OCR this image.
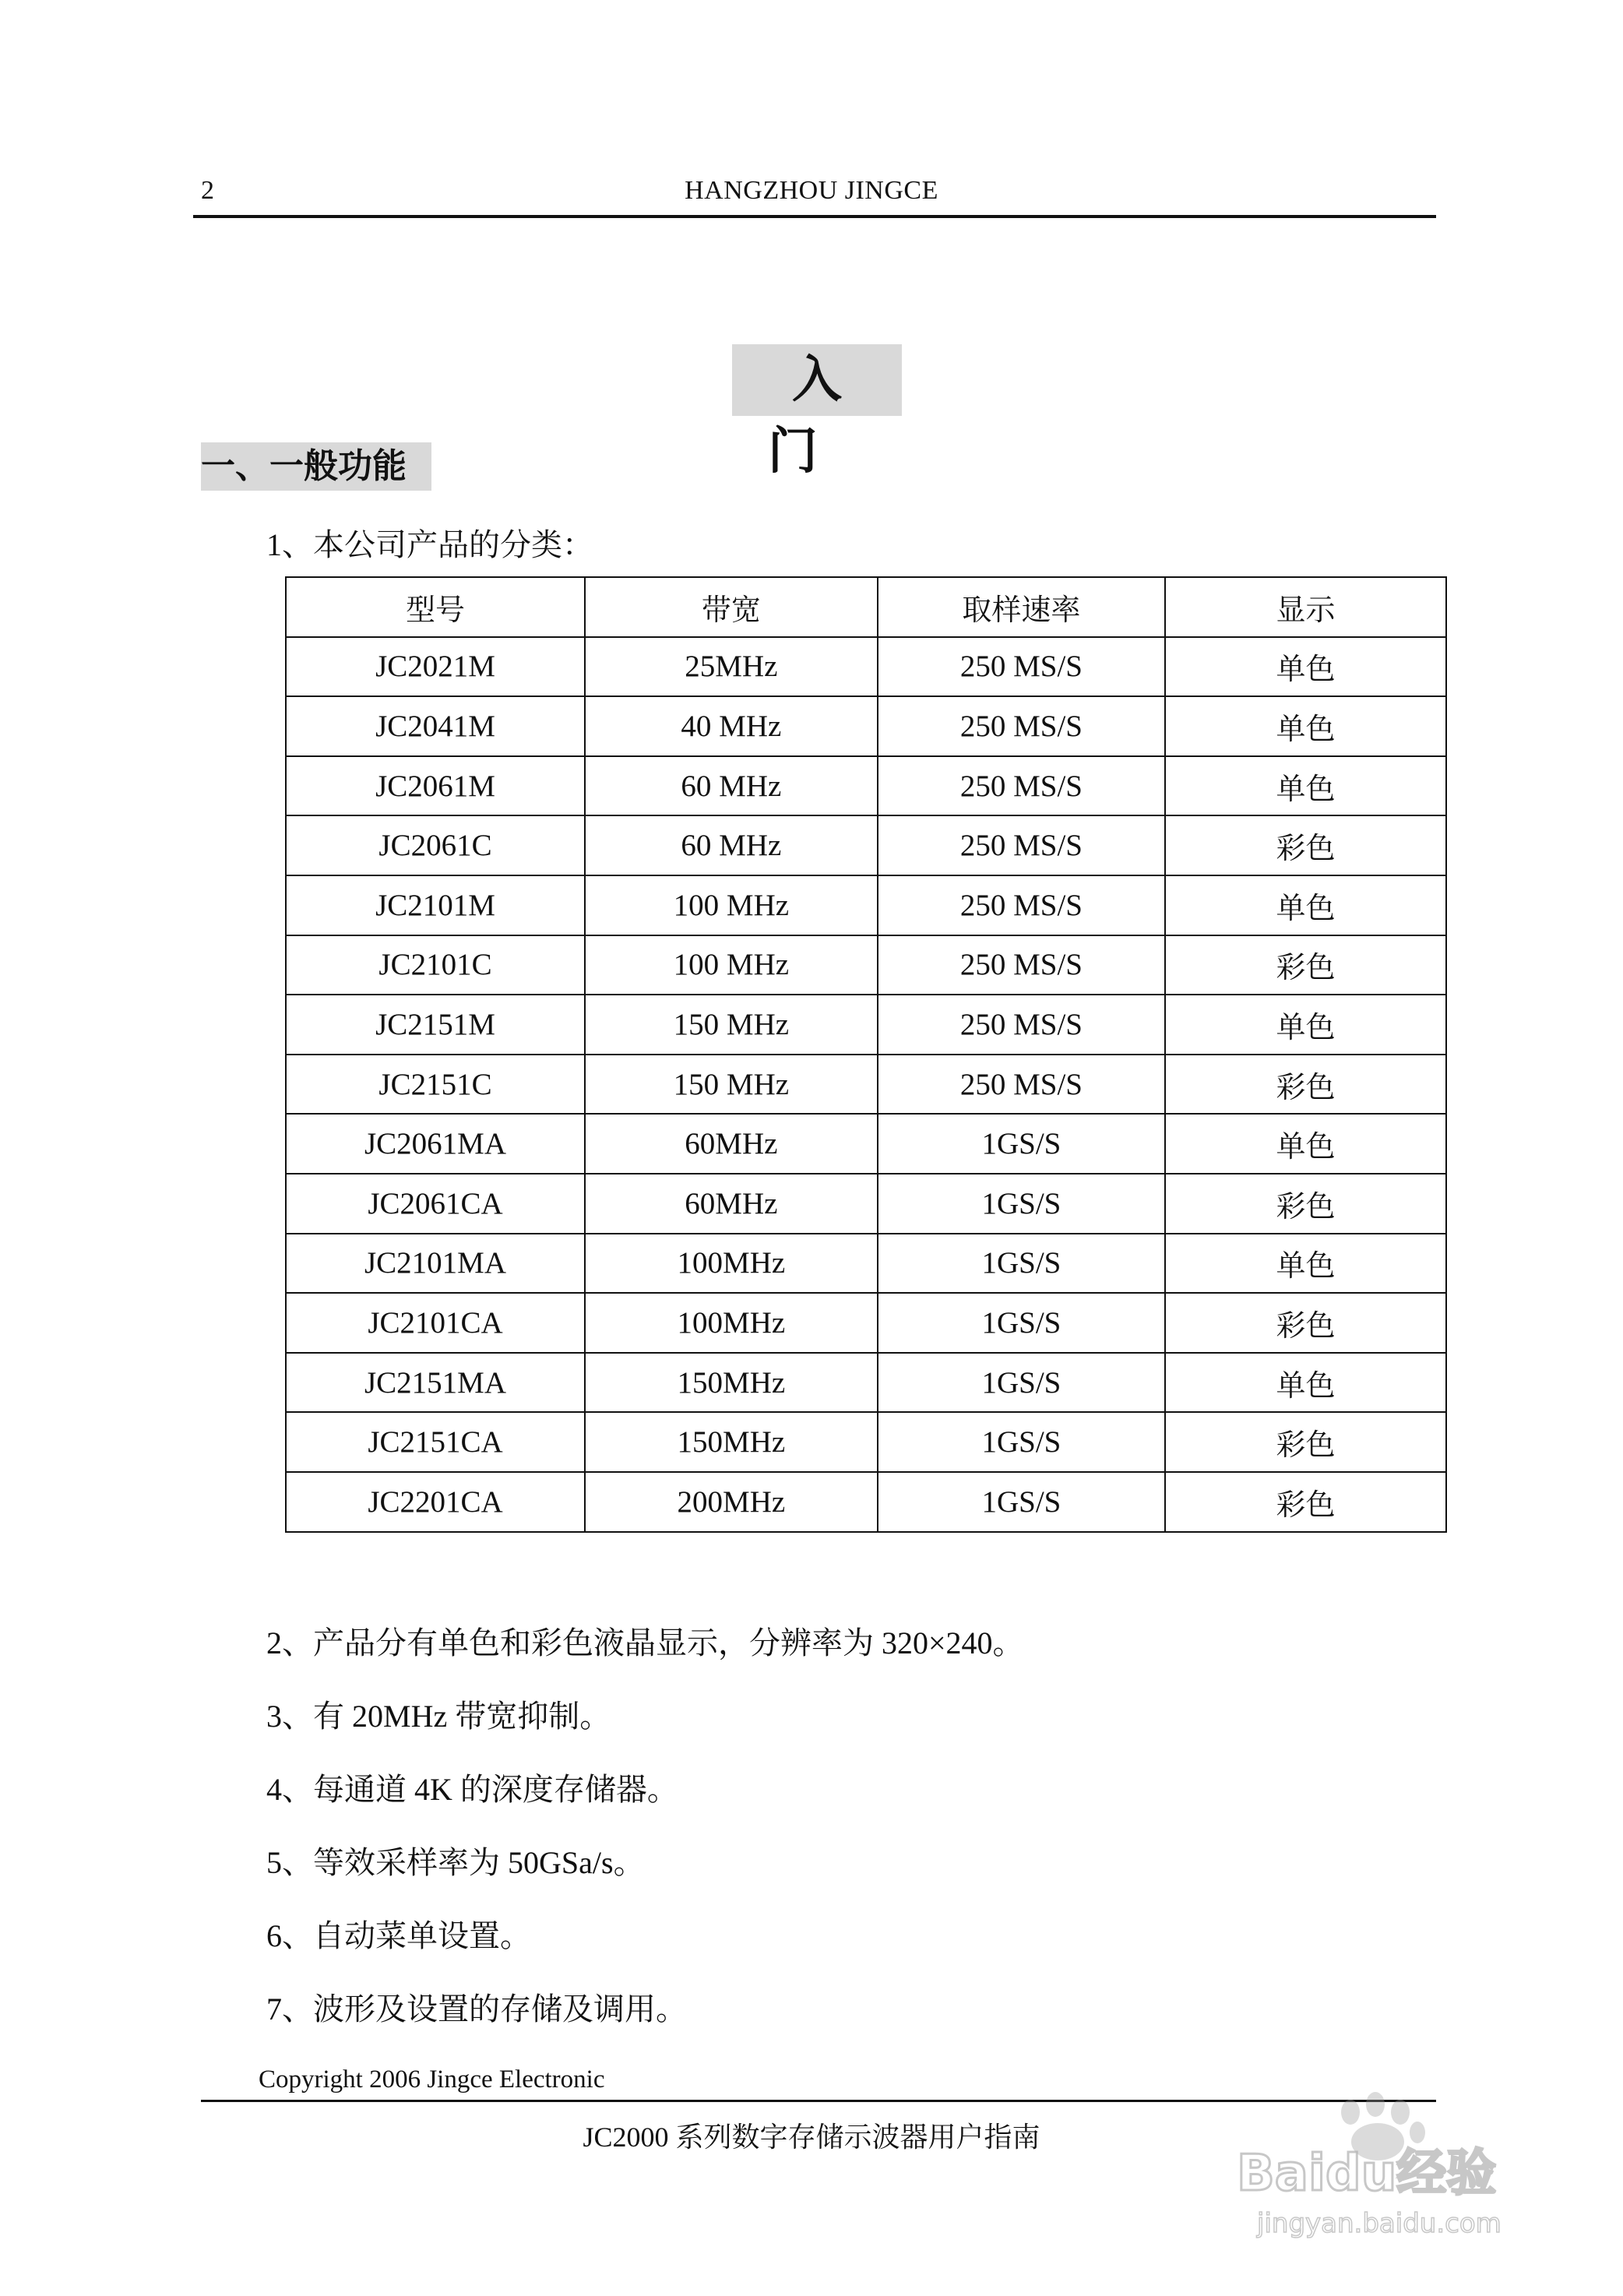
HANGZHOU JINGCE
2
入门
一、一般功能
1、本公司产品的分类：
型号	带宽	取样速率	显示
JC2021M	25MHz	250 MS/S	单色
JC2041M	40 MHz	250 MS/S	单色
JC2061M	60 MHz	250 MS/S	单色
JC2061C	60 MHz	250 MS/S	彩色
JC2101M	100 MHz	250 MS/S	单色
JC2101C	100 MHz	250 MS/S	彩色
JC2151M	150 MHz	250 MS/S	单色
JC2151C	150 MHz	250 MS/S	彩色
JC2061MA	60MHz	1GS/S	单色
JC2061CA	60MHz	1GS/S	彩色
JC2101MA	100MHz	1GS/S	单色
JC2101CA	100MHz	1GS/S	彩色
JC2151MA	150MHz	1GS/S	单色
JC2151CA	150MHz	1GS/S	彩色
JC2201CA	200MHz	1GS/S	彩色
2、产品分有单色和彩色液晶显示，分辨率为 320×240。
3、有 20MHz 带宽抑制。
4、每通道 4K 的深度存储器。
5、等效采样率为 50GSa/s。
6、自动菜单设置。
7、波形及设置的存储及调用。
Copyright 2006 Jingce Electronic
JC2000 系列数字存储示波器用户指南
Baidu经验
jingyan.baidu.com
